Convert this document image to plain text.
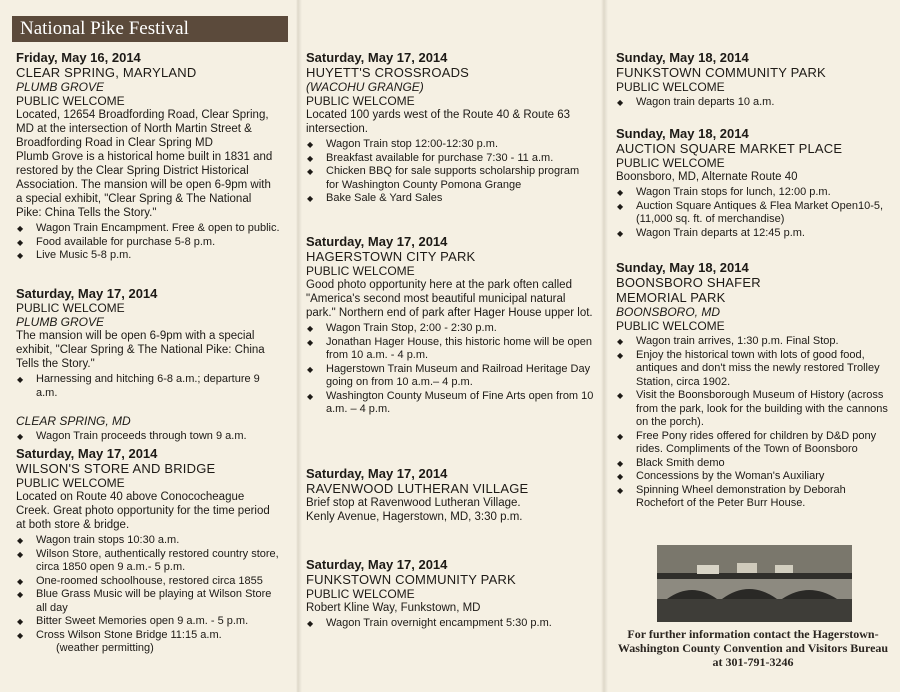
National Pike Festival
Friday, May 16, 2014
CLEAR SPRING, MARYLAND
PLUMB GROVE
PUBLIC WELCOME
Located, 12654 Broadfording Road, Clear Spring, MD at the intersection of North Martin Street & Broadfording Road in Clear Spring MD
Plumb Grove is a historical home built in 1831 and restored by the Clear Spring District Historical Association. The mansion will be open 6-9pm with a special exhibit, "Clear Spring & The National Pike: China Tells the Story."
◆ Wagon Train Encampment. Free & open to public.
◆ Food available for purchase 5-8 p.m.
◆ Live Music 5-8 p.m.
Saturday, May 17, 2014
PUBLIC WELCOME
PLUMB GROVE
The mansion will be open 6-9pm with a special exhibit, "Clear Spring & The National Pike: China Tells the Story."
◆ Harnessing and hitching 6-8 a.m.; departure 9 a.m.
CLEAR SPRING, MD
◆ Wagon Train proceeds through town 9 a.m.
Saturday, May 17, 2014
WILSON'S STORE AND BRIDGE
PUBLIC WELCOME
Located on Route 40 above Conococheague Creek. Great photo opportunity for the time period at both store & bridge.
◆ Wagon train stops 10:30 a.m.
◆ Wilson Store, authentically restored country store, circa 1850 open 9 a.m.- 5 p.m.
◆ One-roomed schoolhouse, restored circa 1855
◆ Blue Grass Music will be playing at Wilson Store all day
◆ Bitter Sweet Memories open 9 a.m. - 5 p.m.
◆ Cross Wilson Stone Bridge 11:15 a.m.
(weather permitting)
Saturday, May 17, 2014
HUYETT'S CROSSROADS
(WACOHU GRANGE)
PUBLIC WELCOME
Located 100 yards west of the Route 40 & Route 63 intersection.
◆ Wagon Train stop 12:00-12:30 p.m.
◆ Breakfast available for purchase 7:30 - 11 a.m.
◆ Chicken BBQ for sale supports scholarship program for Washington County Pomona Grange
◆ Bake Sale & Yard Sales
Saturday, May 17, 2014
HAGERSTOWN CITY PARK
PUBLIC WELCOME
Good photo opportunity here at the park often called "America's second most beautiful municipal natural park." Northern end of park after Hager House upper lot.
◆ Wagon Train Stop, 2:00 - 2:30 p.m.
◆ Jonathan Hager House, this historic home will be open from 10 a.m. - 4 p.m.
◆ Hagerstown Train Museum and Railroad Heritage Day going on from 10 a.m.– 4 p.m.
◆ Washington County Museum of Fine Arts open from 10 a.m. – 4 p.m.
Saturday, May 17, 2014
RAVENWOOD LUTHERAN VILLAGE
Brief stop at Ravenwood Lutheran Village.
Kenly Avenue, Hagerstown, MD, 3:30 p.m.
Saturday, May 17, 2014
FUNKSTOWN COMMUNITY PARK
PUBLIC WELCOME
Robert Kline Way, Funkstown, MD
◆ Wagon Train overnight encampment 5:30 p.m.
Sunday, May 18, 2014
FUNKSTOWN COMMUNITY PARK
PUBLIC WELCOME
◆ Wagon train departs 10 a.m.
Sunday, May 18, 2014
AUCTION SQUARE MARKET PLACE
PUBLIC WELCOME
Boonsboro, MD, Alternate Route 40
◆ Wagon Train stops for lunch, 12:00 p.m.
◆ Auction Square Antiques & Flea Market Open10-5, (11,000 sq. ft. of merchandise)
◆ Wagon Train departs at 12:45 p.m.
Sunday, May 18, 2014
BOONSBORO SHAFER
MEMORIAL PARK
BOONSBORO, MD
PUBLIC WELCOME
◆ Wagon train arrives, 1:30 p.m. Final Stop.
◆ Enjoy the historical town with lots of good food, antiques and don't miss the newly restored Trolley Station, circa 1902.
◆ Visit the Boonsborough Museum of History (across from the park, look for the building with the cannons on the porch).
◆ Free Pony rides offered for children by D&D pony rides. Compliments of the Town of Boonsboro
◆ Black Smith demo
◆ Concessions by the Woman's Auxiliary
◆ Spinning Wheel demonstration by Deborah Rochefort of the Peter Burr House.
For further information contact the Hagerstown-Washington County Convention and Visitors Bureau at 301-791-3246
